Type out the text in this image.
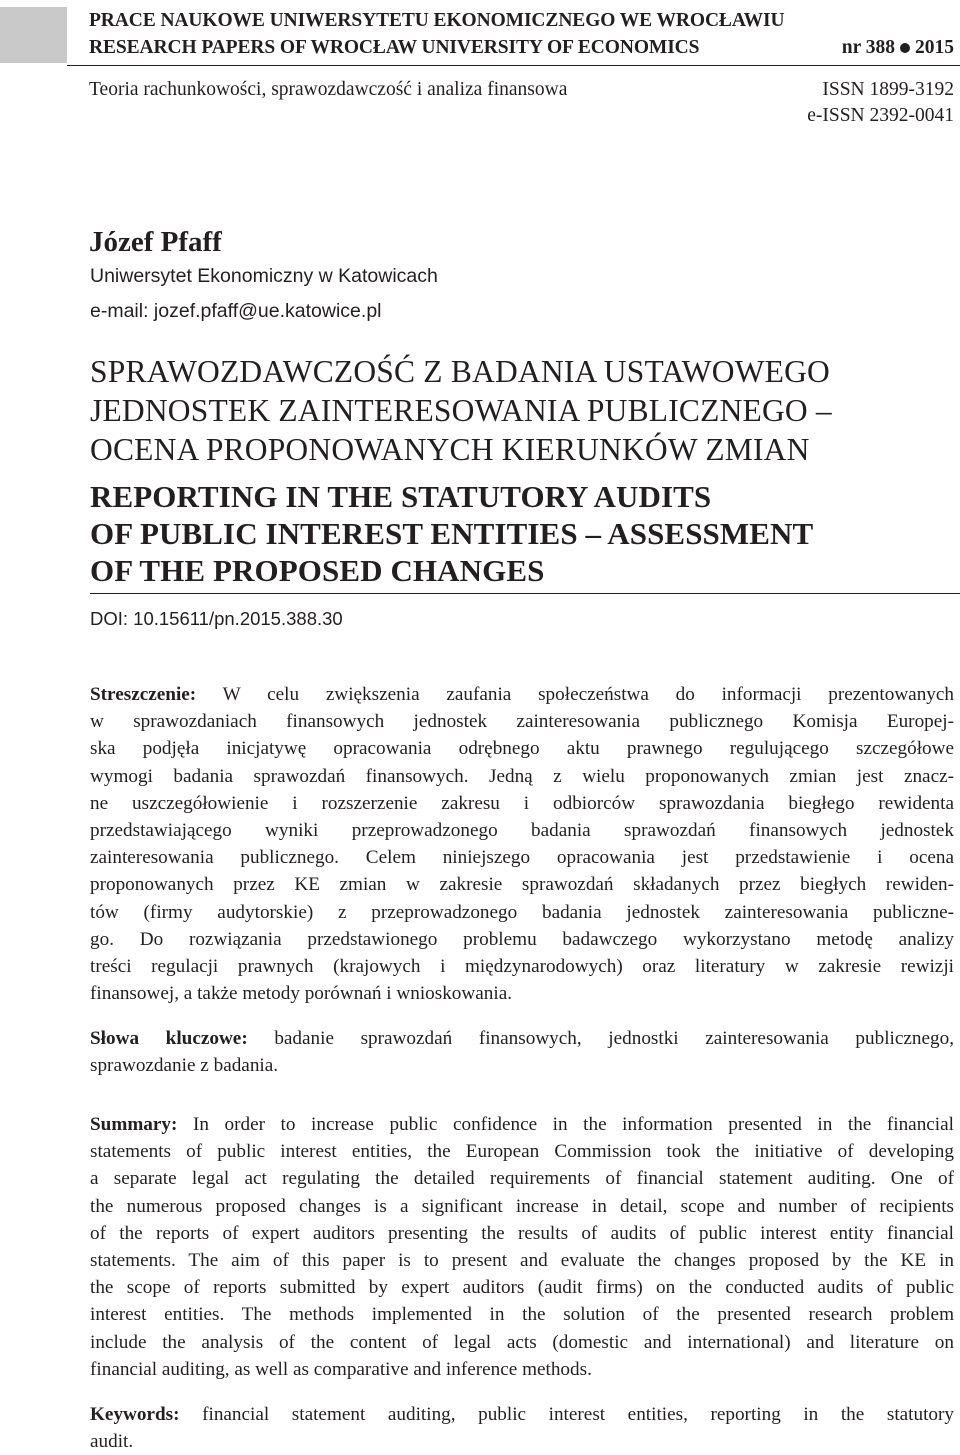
PRACE NAUKOWE UNIWERSYTETU EKONOMICZNEGO WE WROCŁAWIU
RESEARCH PAPERS OF WROCŁAW UNIVERSITY OF ECONOMICS	nr 388 2015
Teoria rachunkowości, sprawozdawczość i analiza finansowa	ISSN 1899-3192
e-ISSN 2392-0041
Józef Pfaff
Uniwersytet Ekonomiczny w Katowicach
e-mail: jozef.pfaff@ue.katowice.pl
SPRAWOZDAWCZOŚĆ Z BADANIA USTAWOWEGO
JEDNOSTEK ZAINTERESOWANIA PUBLICZNEGO –
OCENA PROPONOWANYCH KIERUNKÓW ZMIAN
REPORTING IN THE STATUTORY AUDITS
OF PUBLIC INTEREST ENTITIES – ASSESSMENT
OF THE PROPOSED CHANGES
DOI: 10.15611/pn.2015.388.30
Streszczenie: W celu zwiększenia zaufania społeczeństwa do informacji prezentowanych
w sprawozdaniach finansowych jednostek zainteresowania publicznego Komisja Europej-
ska podjęła inicjatywę opracowania odrębnego aktu prawnego regulującego szczegółowe
wymogi badania sprawozdań finansowych. Jedną z wielu proponowanych zmian jest znacz-
ne uszczegółowienie i rozszerzenie zakresu i odbiorców sprawozdania biegłego rewidenta
przedstawiającego wyniki przeprowadzonego badania sprawozdań finansowych jednostek
zainteresowania publicznego. Celem niniejszego opracowania jest przedstawienie i ocena
proponowanych przez KE zmian w zakresie sprawozdań składanych przez biegłych rewiden-
tów (firmy audytorskie) z przeprowadzonego badania jednostek zainteresowania publiczne-
go. Do rozwiązania przedstawionego problemu badawczego wykorzystano metodę analizy
treści regulacji prawnych (krajowych i międzynarodowych) oraz literatury w zakresie rewizji
finansowej, a także metody porównań i wnioskowania.
Słowa kluczowe: badanie sprawozdań finansowych, jednostki zainteresowania publicznego,
sprawozdanie z badania.
Summary: In order to increase public confidence in the information presented in the financial
statements of public interest entities, the European Commission took the initiative of developing
a separate legal act regulating the detailed requirements of financial statement auditing. One of
the numerous proposed changes is a significant increase in detail, scope and number of recipients
of the reports of expert auditors presenting the results of audits of public interest entity financial
statements. The aim of this paper is to present and evaluate the changes proposed by the KE in
the scope of reports submitted by expert auditors (audit firms) on the conducted audits of public
interest entities. The methods implemented in the solution of the presented research problem
include the analysis of the content of legal acts (domestic and international) and literature on
financial auditing, as well as comparative and inference methods.
Keywords: financial statement auditing, public interest entities, reporting in the statutory
audit.
